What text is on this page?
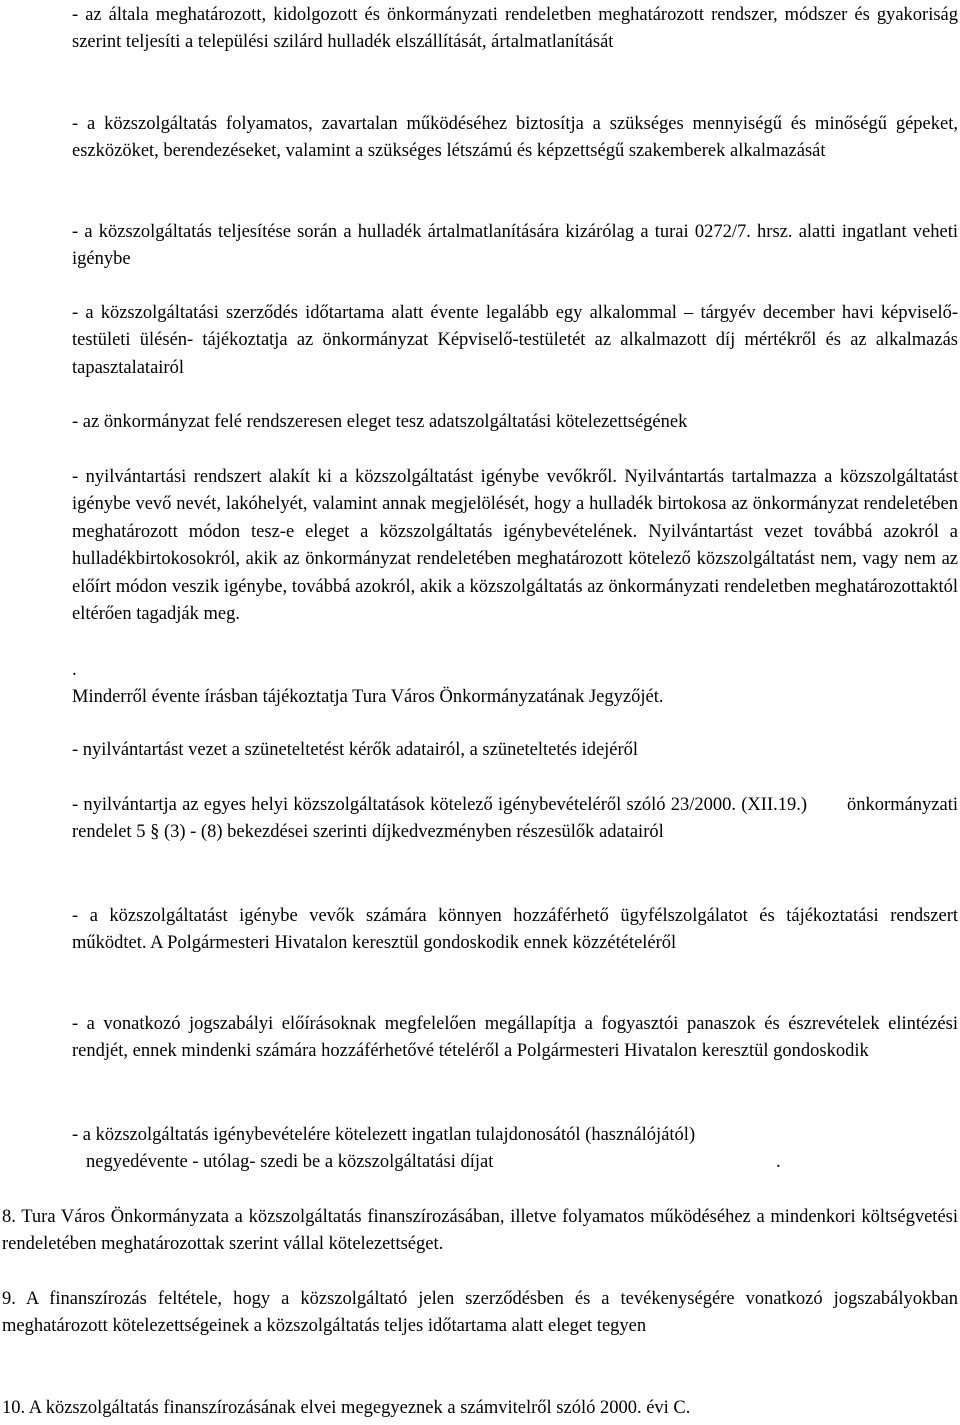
- az általa meghatározott, kidolgozott és önkormányzati rendeletben meghatározott rendszer, módszer és gyakoriság szerint teljesíti a települési szilárd hulladék elszállítását, ártalmatlanítását

- a közszolgáltatás folyamatos, zavartalan működéséhez biztosítja a szükséges mennyiségű és minőségű gépeket, eszközöket, berendezéseket, valamint a szükséges létszámú és képzettségű szakemberek alkalmazását

- a közszolgáltatás teljesítése során a hulladék ártalmatlanítására kizárólag a turai 0272/7. hrsz. alatti ingatlant veheti igénybe

- a közszolgáltatási szerződés időtartama alatt évente legalább egy alkalommal – tárgyév december havi képviselő-testületi ülésén- tájékoztatja az önkormányzat Képviselő-testületét az alkalmazott díj mértékről és az alkalmazás tapasztalatairól

- az önkormányzat felé rendszeresen eleget tesz adatszolgáltatási kötelezettségének

- nyilvántartási rendszert alakít ki a közszolgáltatást igénybe vevőkről. Nyilvántartás tartalmazza a közszolgáltatást igénybe vevő nevét, lakóhelyét, valamint annak megjelölését, hogy a hulladék birtokosa az önkormányzat rendeletében meghatározott módon tesz-e eleget a közszolgáltatás igénybevételének. Nyilvántartást vezet továbbá azokról a hulladékbirtokosokról, akik az önkormányzat rendeletében meghatározott kötelező közszolgáltatást nem, vagy nem az előírt módon veszik igénybe, továbbá azokról, akik a közszolgáltatás az önkormányzati rendeletben meghatározottaktól eltérően tagadják meg.

.

Minderről évente írásban tájékoztatja Tura Város Önkormányzatának Jegyzőjét.

- nyilvántartást vezet a szüneteltetést kérők adatairól, a szüneteltetés idejéről

- nyilvántartja az egyes helyi közszolgáltatások kötelező igénybevételéről szóló 23/2000. (XII.19.) önkormányzati rendelet 5 § (3) - (8) bekezdései szerinti díjkedvezményben részesülők adatairól

- a közszolgáltatást igénybe vevők számára könnyen hozzáférhető ügyfélszolgálatot és tájékoztatási rendszert működtet. A Polgármesteri Hivatalon keresztül gondoskodik ennek közzétételéről

- a vonatkozó jogszabályi előírásoknak megfelelően megállapítja a fogyasztói panaszok és észrevételek elintézési rendjét, ennek mindenki számára hozzáférhetővé tételéről a Polgármesteri Hivatalon keresztül gondoskodik

- a közszolgáltatás igénybevételére kötelezett ingatlan tulajdonosától (használójától)

negyedévente - utólag- szedi be a közszolgáltatási díjat	.

8. Tura Város Önkormányzata a közszolgáltatás finanszírozásában, illetve folyamatos működéséhez a mindenkori költségvetési rendeletében meghatározottak szerint vállal kötelezettséget.

9. A finanszírozás feltétele, hogy a közszolgáltató jelen szerződésben és a tevékenységére vonatkozó jogszabályokban meghatározott kötelezettségeinek a közszolgáltatás teljes időtartama alatt eleget tegyen

10. A közszolgáltatás finanszírozásának elvei megegyeznek a számvitelről szóló 2000. évi C.
